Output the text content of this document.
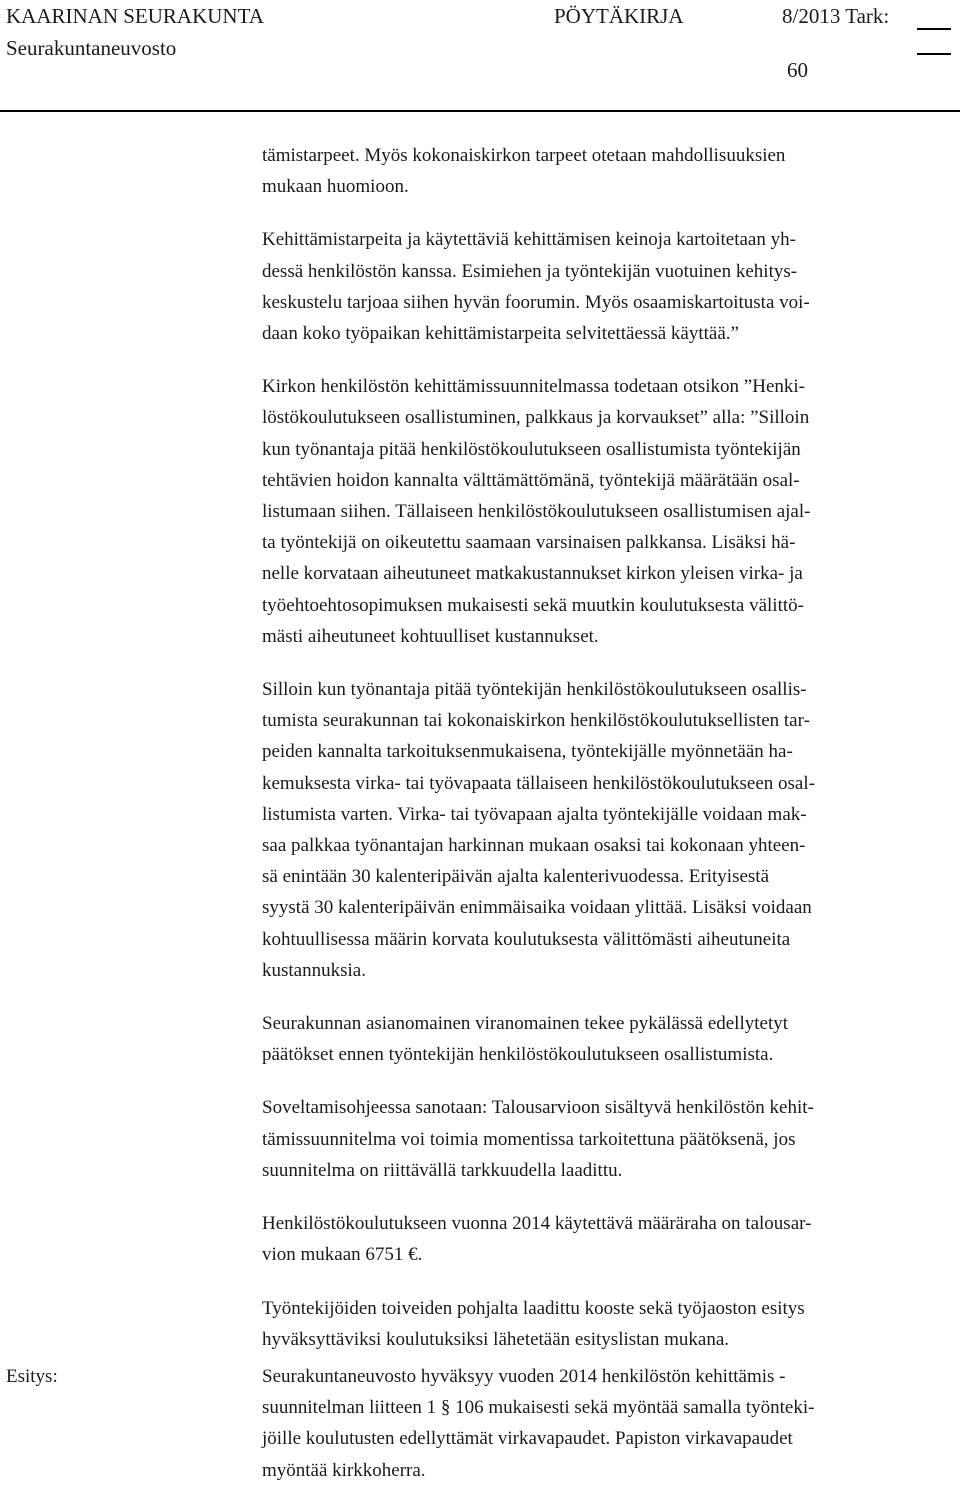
KAARINAN SEURAKUNTA
Seurakuntaneuvosto
PÖYTÄKIRJA	8/2013 Tark:
60
tämistarpeet. Myös kokonaiskirkon tarpeet otetaan mahdollisuuksien
mukaan huomioon.
Kehittämistarpeita ja käytettäviä kehittämisen keinoja kartoitetaan yh-
dessä henkilöstön kanssa. Esimiehen ja työntekijän vuotuinen kehitys-
keskustelu tarjoaa siihen hyvän foorumin. Myös osaamiskartoitusta voi-
daan koko työpaikan kehittämistarpeita selvitettäessä käyttää.”
Kirkon henkilöstön kehittämissuunnitelmassa todetaan otsikon ”Henki-
löstökoulutukseen osallistuminen, palkkaus ja korvaukset” alla: ”Silloin
kun työnantaja pitää henkilöstökoulutukseen osallistumista työntekijän
tehtävien hoidon kannalta välttämättömänä, työntekijä määrätään osal-
listumaan siihen. Tällaiseen henkilöstökoulutukseen osallistumisen ajal-
ta työntekijä on oikeutettu saamaan varsinaisen palkkansa. Lisäksi hä-
nelle korvataan aiheutuneet matkakustannukset kirkon yleisen virka- ja
työehtoehtosopimuksen mukaisesti sekä muutkin koulutuksesta välittö-
mästi aiheutuneet kohtuulliset kustannukset.
Silloin kun työnantaja pitää työntekijän henkilöstökoulutukseen osallis-
tumista seurakunnan tai kokonaiskirkon henkilöstökoulutuksellisten tar-
peiden kannalta tarkoituksenmukaisena, työntekijälle myönnetään ha-
kemuksesta virka- tai työvapaata tällaiseen henkilöstökoulutukseen osal-
listumista varten. Virka- tai työvapaan ajalta työntekijälle voidaan mak-
saa palkkaa työnantajan harkinnan mukaan osaksi tai kokonaan yhteen-
sä enintään 30 kalenteripäivän ajalta kalenterivuodessa. Erityisestä
syystä 30 kalenteripäivän enimmäisaika voidaan ylittää. Lisäksi voidaan
kohtuullisessa määrin korvata koulutuksesta välittömästi aiheutuneita
kustannuksia.
Seurakunnan asianomainen viranomainen tekee pykälässä edellytetyt
päätökset ennen työntekijän henkilöstökoulutukseen osallistumista.
Soveltamisohjeessa sanotaan: Talousarvioon sisältyvä henkilöstön kehit-
tämissuunnitelma voi toimia momentissa tarkoitettuna päätöksenä, jos
suunnitelma on riittävällä tarkkuudella laadittu.
Henkilöstökoulutukseen vuonna 2014 käytettävä määräraha on talousar-
vion mukaan 6751 €.
Työntekijöiden toiveiden pohjalta laadittu kooste sekä työjaoston esitys
hyväksyttäviksi koulutuksiksi lähetetään esityslistan mukana.
Esitys:	Seurakuntaneuvosto hyväksyy vuoden 2014 henkilöstön kehittämis -
suunnitelman liitteen 1 § 106 mukaisesti sekä myöntää samalla työnteki-
jöille koulutusten edellyttämät virkavapaudet. Papiston virkavapaudet
myöntää kirkkoherra.
